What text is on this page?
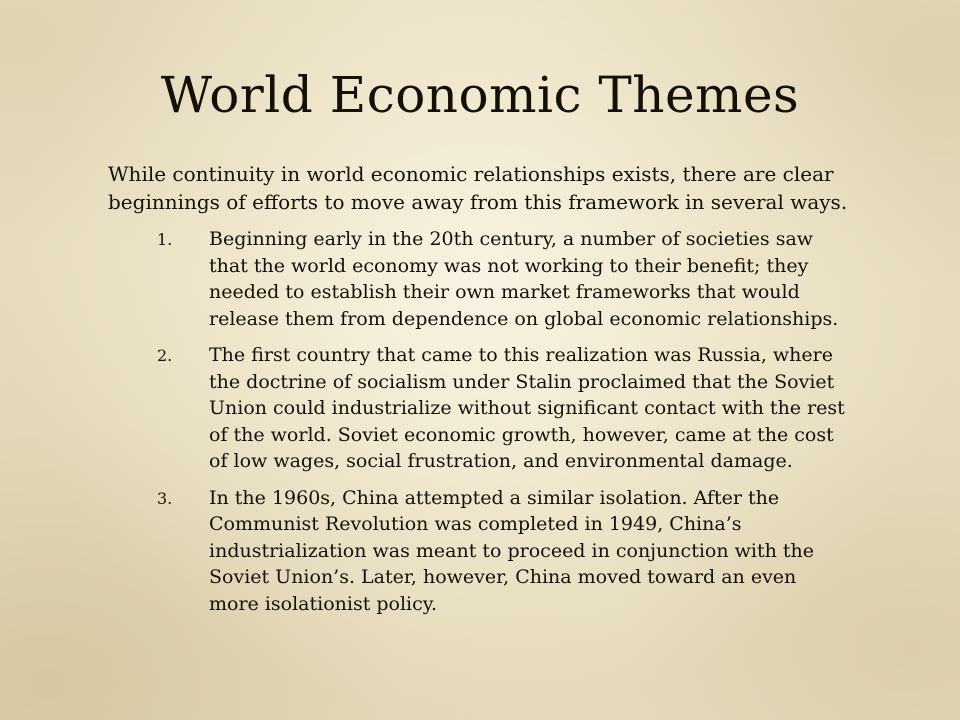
World Economic Themes

While continuity in world economic relationships exists, there are clear beginnings of efforts to move away from this framework in several ways.

1.	Beginning early in the 20th century, a number of societies saw that the world economy was not working to their benefit; they needed to establish their own market frameworks that would release them from dependence on global economic relationships.
2.	The first country that came to this realization was Russia, where the doctrine of socialism under Stalin proclaimed that the Soviet Union could industrialize without significant contact with the rest of the world. Soviet economic growth, however, came at the cost of low wages, social frustration, and environmental damage.
3.	In the 1960s, China attempted a similar isolation. After the Communist Revolution was completed in 1949, China’s industrialization was meant to proceed in conjunction with the Soviet Union’s. Later, however, China moved toward an even more isolationist policy.
